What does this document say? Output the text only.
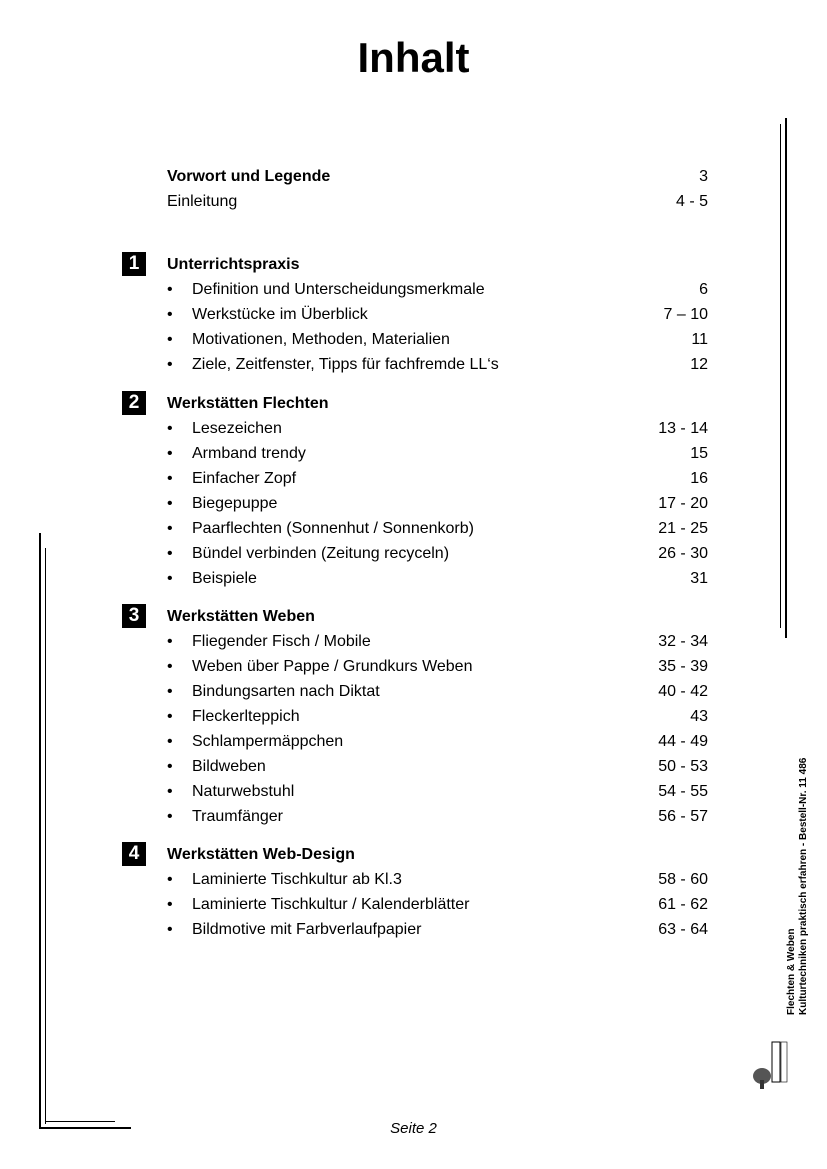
Inhalt
Vorwort und Legende	3
Einleitung	4 - 5
1	Unterrichtspraxis
• Definition und Unterscheidungsmerkmale	6
• Werkstücke im Überblick	7 – 10
• Motivationen, Methoden, Materialien	11
• Ziele, Zeitfenster, Tipps für fachfremde LL‘s	12
2	Werkstätten Flechten
• Lesezeichen	13 - 14
• Armband trendy	15
• Einfacher Zopf	16
• Biegepuppe	17 - 20
• Paarflechten (Sonnenhut / Sonnenkorb)	21 - 25
• Bündel verbinden (Zeitung recyceln)	26 - 30
• Beispiele	31
3	Werkstätten Weben
• Fliegender Fisch / Mobile	32 - 34
• Weben über Pappe / Grundkurs Weben	35 - 39
• Bindungsarten nach Diktat	40 - 42
• Fleckerlteppich	43
• Schlampermäppchen	44 - 49
• Bildweben	50 - 53
• Naturwebstuhl	54 - 55
• Traumfänger	56 - 57
4	Werkstätten Web-Design
• Laminierte Tischkultur ab Kl.3	58 - 60
• Laminierte Tischkultur / Kalenderblätter	61 - 62
• Bildmotive mit Farbverlaufpapier	63 - 64	Flechten & Weben Kulturtechniken praktisch erfahren - Bestell-Nr. 11 486
Seite 2
